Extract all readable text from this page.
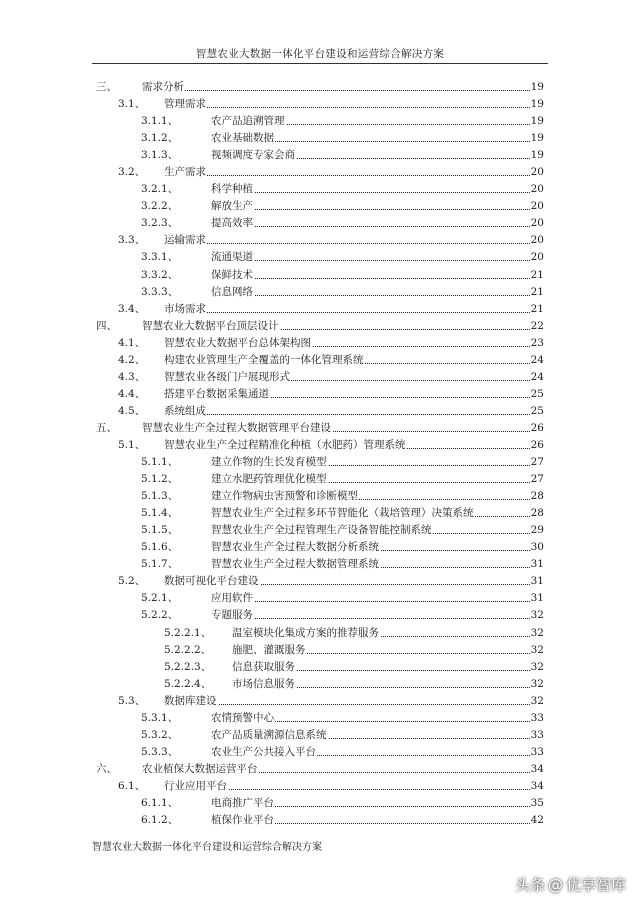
智慧农业大数据一体化平台建设和运营综合解决方案
三、 需求分析	19
3.1、 管理需求	19
3.1.1、	农产品追溯管理	19
3.1.2、	农业基础数据	19
3.1.3、	视频调度专家会商	19
3.2、 生产需求	20
3.2.1、	科学种植	20
3.2.2、	解放生产	20
3.2.3、	提高效率	20
3.3、 运输需求	20
3.3.1、	流通渠道	20
3.3.2、	保鲜技术	21
3.3.3、	信息网络	21
3.4、 市场需求	21
四、 智慧农业大数据平台顶层设计	22
4.1、 智慧农业大数据平台总体架构图	23
4.2、 构建农业管理生产全覆盖的一体化管理系统	24
4.3、 智慧农业各级门户展现形式	24
4.4、 搭建平台数据采集通道	25
4.5、 系统组成	25
五、 智慧农业生产全过程大数据管理平台建设	26
5.1、 智慧农业生产全过程精准化种植（水肥药）管理系统	26
5.1.1、	建立作物的生长发育模型	27
5.1.2、	建立水肥药管理优化模型	27
5.1.3、	建立作物病虫害预警和诊断模型	28
5.1.4、	智慧农业生产全过程多环节智能化（栽培管理）决策系统	28
5.1.5、	智慧农业生产全过程管理生产设备智能控制系统	29
5.1.6、	智慧农业生产全过程大数据分析系统	30
5.1.7、	智慧农业生产全过程大数据管理系统	31
5.2、 数据可视化平台建设	31
5.2.1、	应用软件	31
5.2.2、	专题服务	32
5.2.2.1、 温室模块化集成方案的推荐服务	32
5.2.2.2、 施肥、灌溉服务	32
5.2.2.3、 信息获取服务	32
5.2.2.4、 市场信息服务	32
5.3、 数据库建设	32
5.3.1、	农情预警中心	33
5.3.2、	农产品质量溯源信息系统	33
5.3.3、	农业生产公共接入平台	33
六、 农业植保大数据运营平台	34
6.1、 行业应用平台	34
6.1.1、	电商推广平台	35
6.1.2、	植保作业平台	42
智慧农业大数据一体化平台建设和运营综合解决方案
头条 @ 优享智库
